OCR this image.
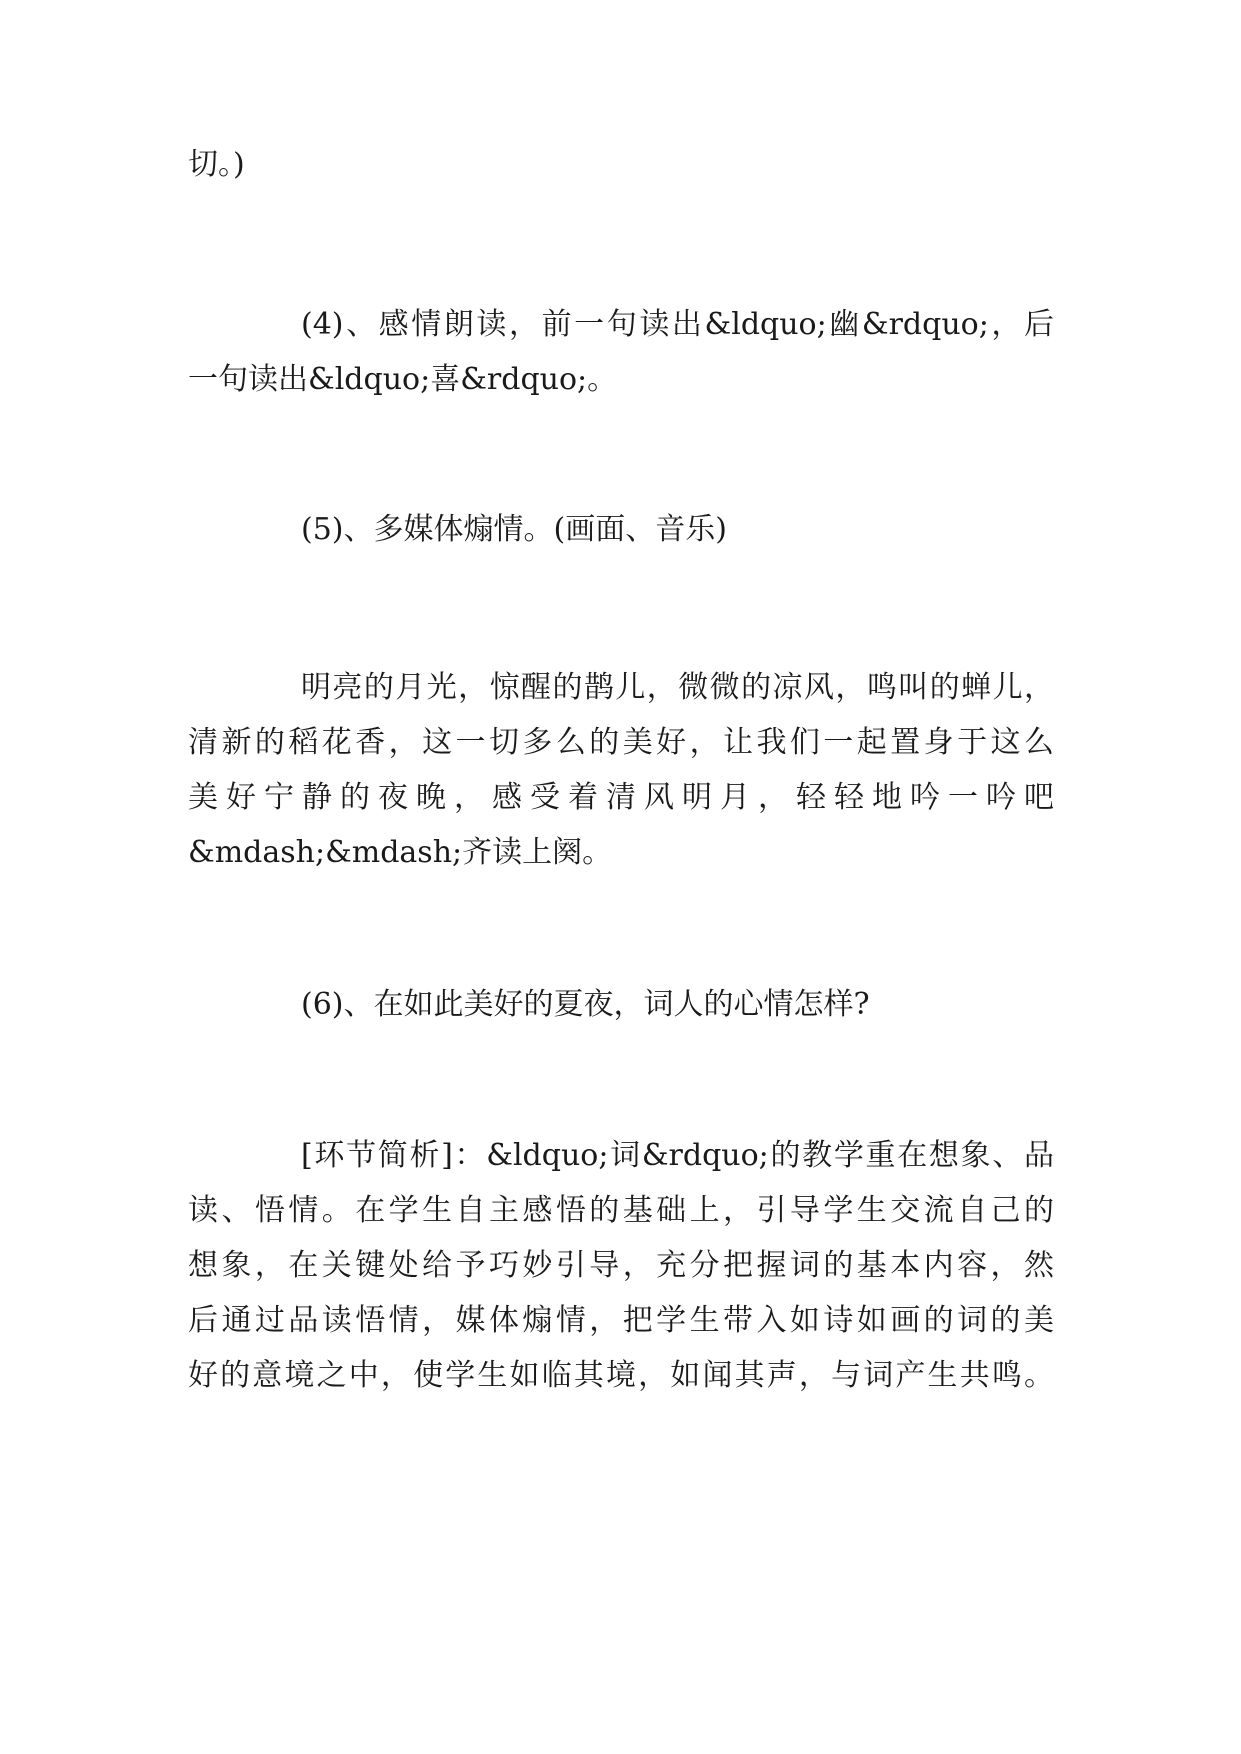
切。)
(4)、感情朗读，前一句读出&ldquo;幽&rdquo;，后
一句读出&ldquo;喜&rdquo;。
(5)、多媒体煽情。(画面、音乐)
明亮的月光，惊醒的鹊儿，微微的凉风，鸣叫的蝉儿，
清新的稻花香，这一切多么的美好，让我们一起置身于这么
美好宁静的夜晚，感受着清风明月，轻轻地吟一吟吧
&mdash;&mdash;齐读上阕。
(6)、在如此美好的夏夜，词人的心情怎样?
[环节简析]：&ldquo;词&rdquo;的教学重在想象、品
读、悟情。在学生自主感悟的基础上，引导学生交流自己的
想象，在关键处给予巧妙引导，充分把握词的基本内容，然
后通过品读悟情，媒体煽情，把学生带入如诗如画的词的美
好的意境之中，使学生如临其境，如闻其声，与词产生共鸣。
